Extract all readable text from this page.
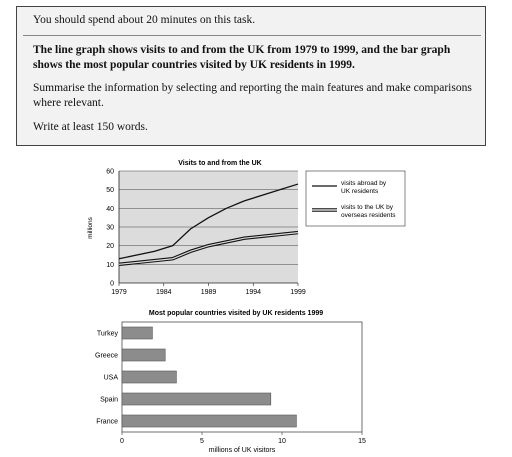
You should spend about 20 minutes on this task.
The line graph shows visits to and from the UK from 1979 to 1999, and the bar graph shows the most popular countries visited by UK residents in 1999.
Summarise the information by selecting and reporting the main features and make comparisons where relevant.
Write at least 150 words.
Visits to and from the UK
0
10
20
30
40
50
60
1979	1984	1989	1994	1999
millions
visits abroad by
UK residents
visits to the UK by
overseas residents
Most popular countries visited by UK residents 1999
Turkey
Greece
USA
Spain
France
0	5	10	15
millions of UK visitors
